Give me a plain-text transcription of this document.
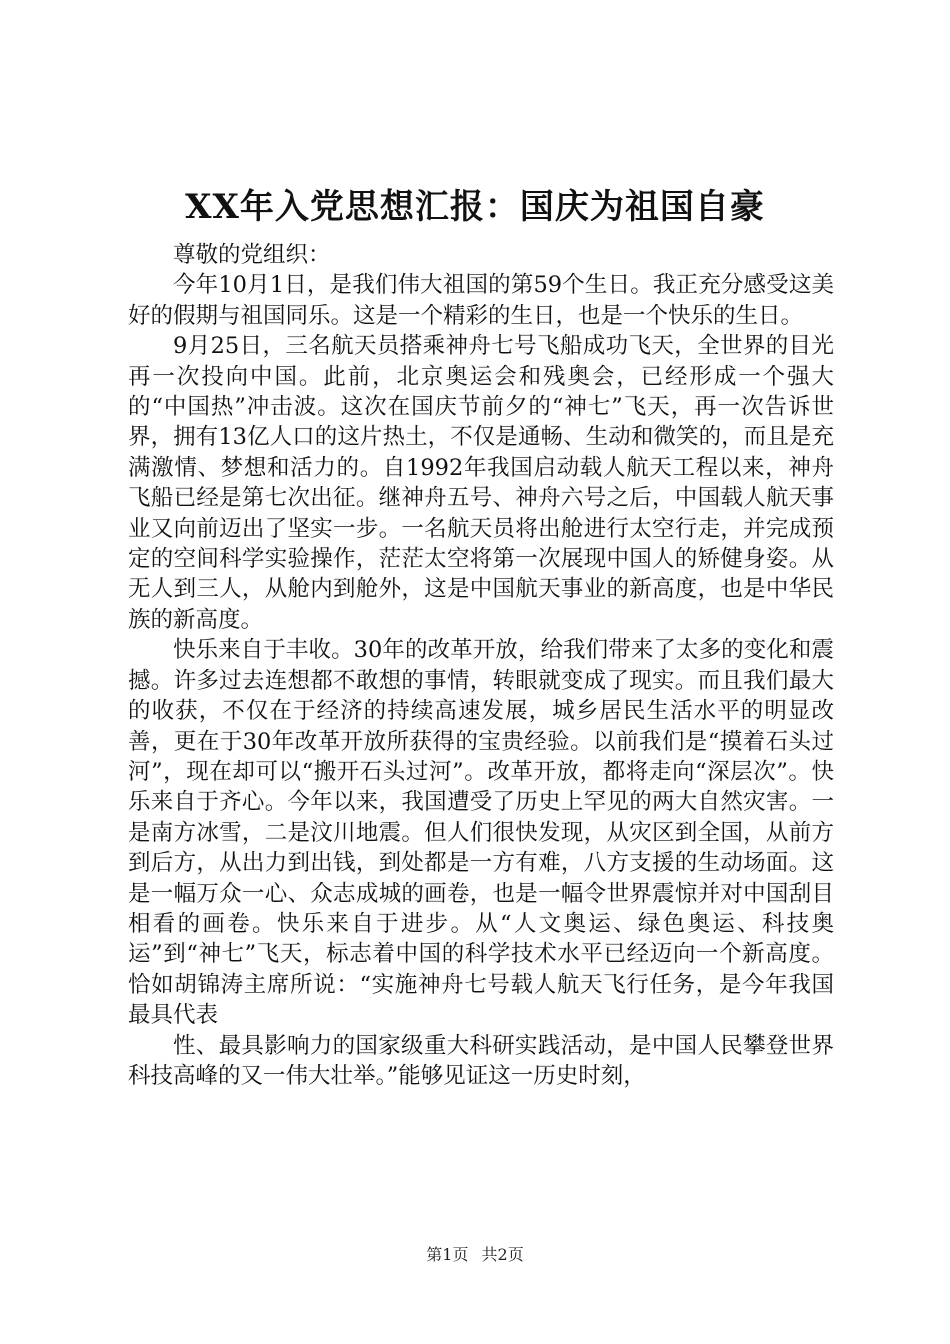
XX年入党思想汇报：国庆为祖国自豪

尊敬的党组织：

今年10月1日，是我们伟大祖国的第59个生日。我正充分感受这美好的假期与祖国同乐。这是一个精彩的生日，也是一个快乐的生日。

9月25日，三名航天员搭乘神舟七号飞船成功飞天，全世界的目光再一次投向中国。此前，北京奥运会和残奥会，已经形成一个强大的“中国热”冲击波。这次在国庆节前夕的“神七”飞天，再一次告诉世界，拥有13亿人口的这片热土，不仅是通畅、生动和微笑的，而且是充满激情、梦想和活力的。自1992年我国启动载人航天工程以来，神舟飞船已经是第七次出征。继神舟五号、神舟六号之后，中国载人航天事业又向前迈出了坚实一步。一名航天员将出舱进行太空行走，并完成预定的空间科学实验操作，茫茫太空将第一次展现中国人的矫健身姿。从无人到三人，从舱内到舱外，这是中国航天事业的新高度，也是中华民族的新高度。

快乐来自于丰收。30年的改革开放，给我们带来了太多的变化和震撼。许多过去连想都不敢想的事情，转眼就变成了现实。而且我们最大的收获，不仅在于经济的持续高速发展，城乡居民生活水平的明显改善，更在于30年改革开放所获得的宝贵经验。以前我们是“摸着石头过河”，现在却可以“搬开石头过河”。改革开放，都将走向“深层次”。快乐来自于齐心。今年以来，我国遭受了历史上罕见的两大自然灾害。一是南方冰雪，二是汶川地震。但人们很快发现，从灾区到全国，从前方到后方，从出力到出钱，到处都是一方有难，八方支援的生动场面。这是一幅万众一心、众志成城的画卷，也是一幅令世界震惊并对中国刮目相看的画卷。快乐来自于进步。从“人文奥运、绿色奥运、科技奥运”到“神七”飞天，标志着中国的科学技术水平已经迈向一个新高度。恰如胡锦涛主席所说：“实施神舟七号载人航天飞行任务，是今年我国最具代表

性、最具影响力的国家级重大科研实践活动，是中国人民攀登世界科技高峰的又一伟大壮举。”能够见证这一历史时刻，

第1页 共2页
